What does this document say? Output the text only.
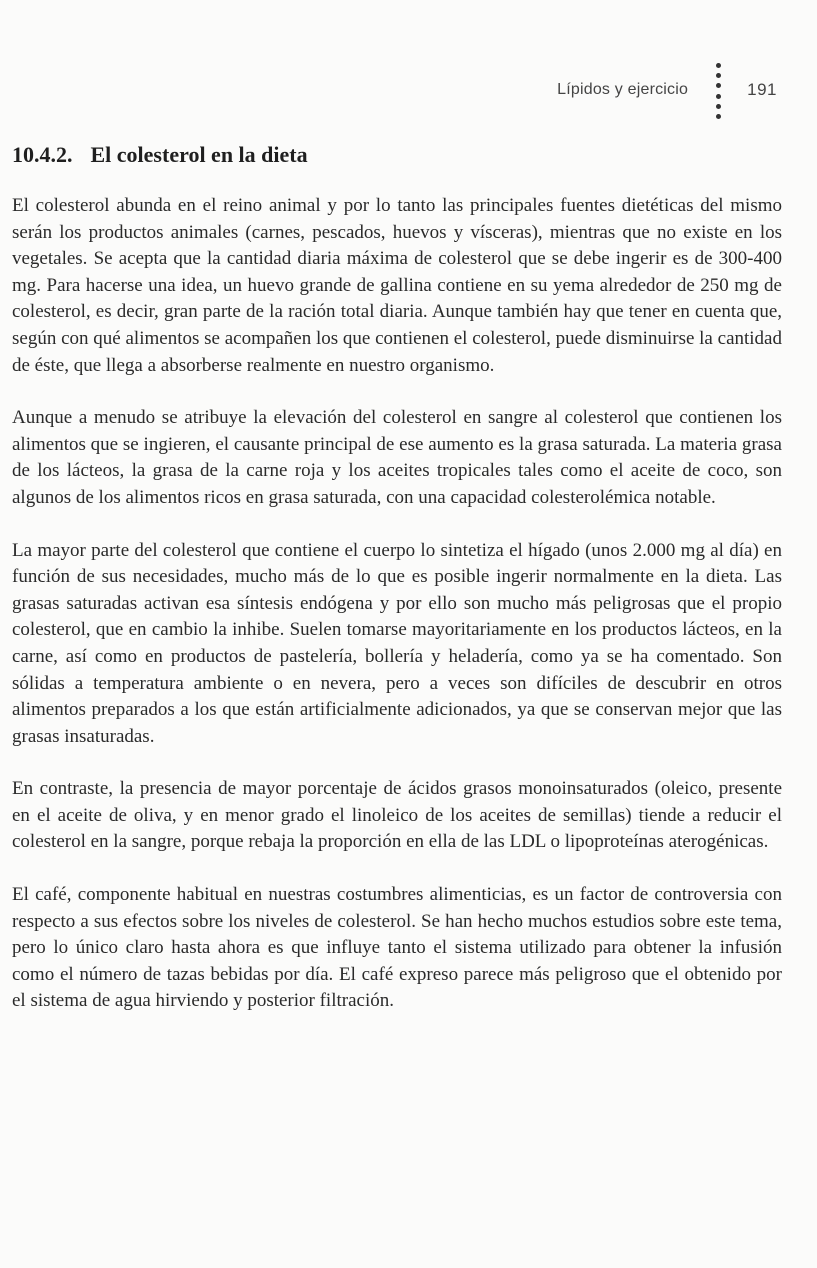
Lípidos y ejercicio	191
10.4.2. El colesterol en la dieta

El colesterol abunda en el reino animal y por lo tanto las principales fuentes dietéticas del mismo serán los productos animales (carnes, pescados, huevos y vísceras), mientras que no existe en los vegetales. Se acepta que la cantidad diaria máxima de colesterol que se debe ingerir es de 300-400 mg. Para hacerse una idea, un huevo grande de gallina contiene en su yema alrededor de 250 mg de colesterol, es decir, gran parte de la ración total diaria. Aunque también hay que tener en cuenta que, según con qué alimentos se acompañen los que contienen el colesterol, puede disminuirse la cantidad de éste, que llega a absorberse realmente en nuestro organismo.

Aunque a menudo se atribuye la elevación del colesterol en sangre al colesterol que contienen los alimentos que se ingieren, el causante principal de ese aumento es la grasa saturada. La materia grasa de los lácteos, la grasa de la carne roja y los aceites tropicales tales como el aceite de coco, son algunos de los alimentos ricos en grasa saturada, con una capacidad colesterolémica notable.

La mayor parte del colesterol que contiene el cuerpo lo sintetiza el hígado (unos 2.000 mg al día) en función de sus necesidades, mucho más de lo que es posible ingerir normalmente en la dieta. Las grasas saturadas activan esa síntesis endógena y por ello son mucho más peligrosas que el propio colesterol, que en cambio la inhibe. Suelen tomarse mayoritariamente en los productos lácteos, en la carne, así como en productos de pastelería, bollería y heladería, como ya se ha comentado. Son sólidas a temperatura ambiente o en nevera, pero a veces son difíciles de descubrir en otros alimentos preparados a los que están artificialmente adicionados, ya que se conservan mejor que las grasas insaturadas.

En contraste, la presencia de mayor porcentaje de ácidos grasos monoinsaturados (oleico, presente en el aceite de oliva, y en menor grado el linoleico de los aceites de semillas) tiende a reducir el colesterol en la sangre, porque rebaja la proporción en ella de las LDL o lipoproteínas aterogénicas.

El café, componente habitual en nuestras costumbres alimenticias, es un factor de controversia con respecto a sus efectos sobre los niveles de colesterol. Se han hecho muchos estudios sobre este tema, pero lo único claro hasta ahora es que influye tanto el sistema utilizado para obtener la infusión como el número de tazas bebidas por día. El café expreso parece más peligroso que el obtenido por el sistema de agua hirviendo y posterior filtración.
